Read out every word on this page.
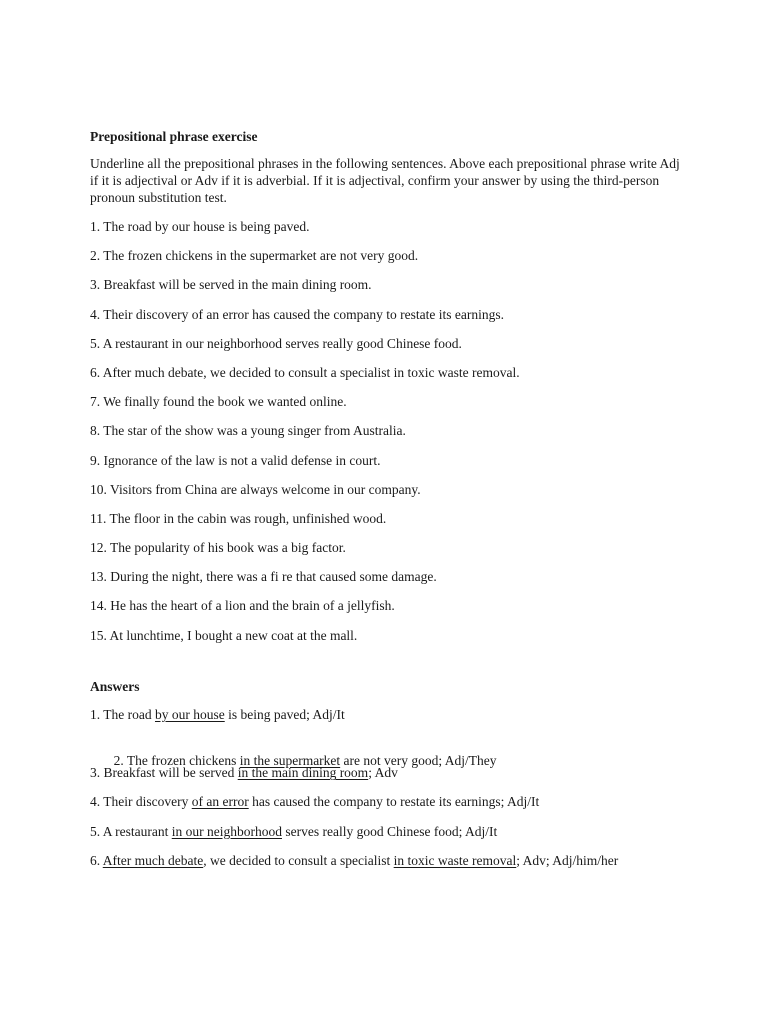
Prepositional phrase exercise

Underline all the prepositional phrases in the following sentences. Above each prepositional phrase write Adj if it is adjectival or Adv if it is adverbial. If it is adjectival, confirm your answer by using the third-person pronoun substitution test.

1. The road by our house is being paved.
2. The frozen chickens in the supermarket are not very good.
3. Breakfast will be served in the main dining room.
4. Their discovery of an error has caused the company to restate its earnings.
5. A restaurant in our neighborhood serves really good Chinese food.
6. After much debate, we decided to consult a specialist in toxic waste removal.
7. We finally found the book we wanted online.
8. The star of the show was a young singer from Australia.
9. Ignorance of the law is not a valid defense in court.
10. Visitors from China are always welcome in our company.
11. The floor in the cabin was rough, unfinished wood.
12. The popularity of his book was a big factor.
13. During the night, there was a fi re that caused some damage.
14. He has the heart of a lion and the brain of a jellyfish.
15. At lunchtime, I bought a new coat at the mall.
Answers
1. The road by our house is being paved; Adj/It

2. The frozen chickens in the supermarket are not very good; Adj/They

3. Breakfast will be served in the main dining room; Adv
4. Their discovery of an error has caused the company to restate its earnings; Adj/It
5. A restaurant in our neighborhood serves really good Chinese food; Adj/It
6. After much debate, we decided to consult a specialist in toxic waste removal; Adv; Adj/him/her
